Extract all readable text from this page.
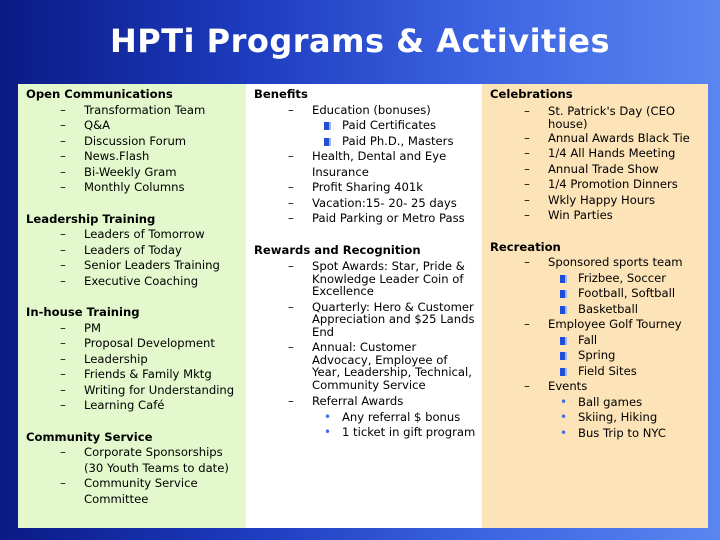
HPTi Programs & Activities
Open Communications
– Transformation Team
– Q&A
– Discussion Forum
– News.Flash
– Bi-Weekly Gram
– Monthly Columns
Leadership Training
– Leaders of Tomorrow
– Leaders of Today
– Senior Leaders Training
– Executive Coaching
In-house Training
– PM
– Proposal Development
– Leadership
– Friends & Family Mktg
– Writing for Understanding
– Learning Café
Community Service
– Corporate Sponsorships (30 Youth Teams to date)
– Community Service Committee
Benefits
– Education (bonuses)
Paid Certificates
Paid Ph.D., Masters
– Health, Dental and Eye Insurance
– Profit Sharing 401k
– Vacation:15- 20- 25 days
– Paid Parking or Metro Pass
Rewards and Recognition
– Spot Awards: Star, Pride & Knowledge Leader Coin of Excellence
– Quarterly: Hero & Customer Appreciation and $25 Lands End
– Annual: Customer Advocacy, Employee of Year, Leadership, Technical, Community Service
– Referral Awards
• Any referral $ bonus
• 1 ticket in gift program
Celebrations
– St. Patrick's Day (CEO house)
– Annual Awards Black Tie
– 1/4 All Hands Meeting
– Annual Trade Show
– 1/4 Promotion Dinners
– Wkly Happy Hours
– Win Parties
Recreation
– Sponsored sports team
Frizbee, Soccer
Football, Softball
Basketball
– Employee Golf Tourney
Fall
Spring
Field Sites
– Events
• Ball games
• Skiing, Hiking
• Bus Trip to NYC
